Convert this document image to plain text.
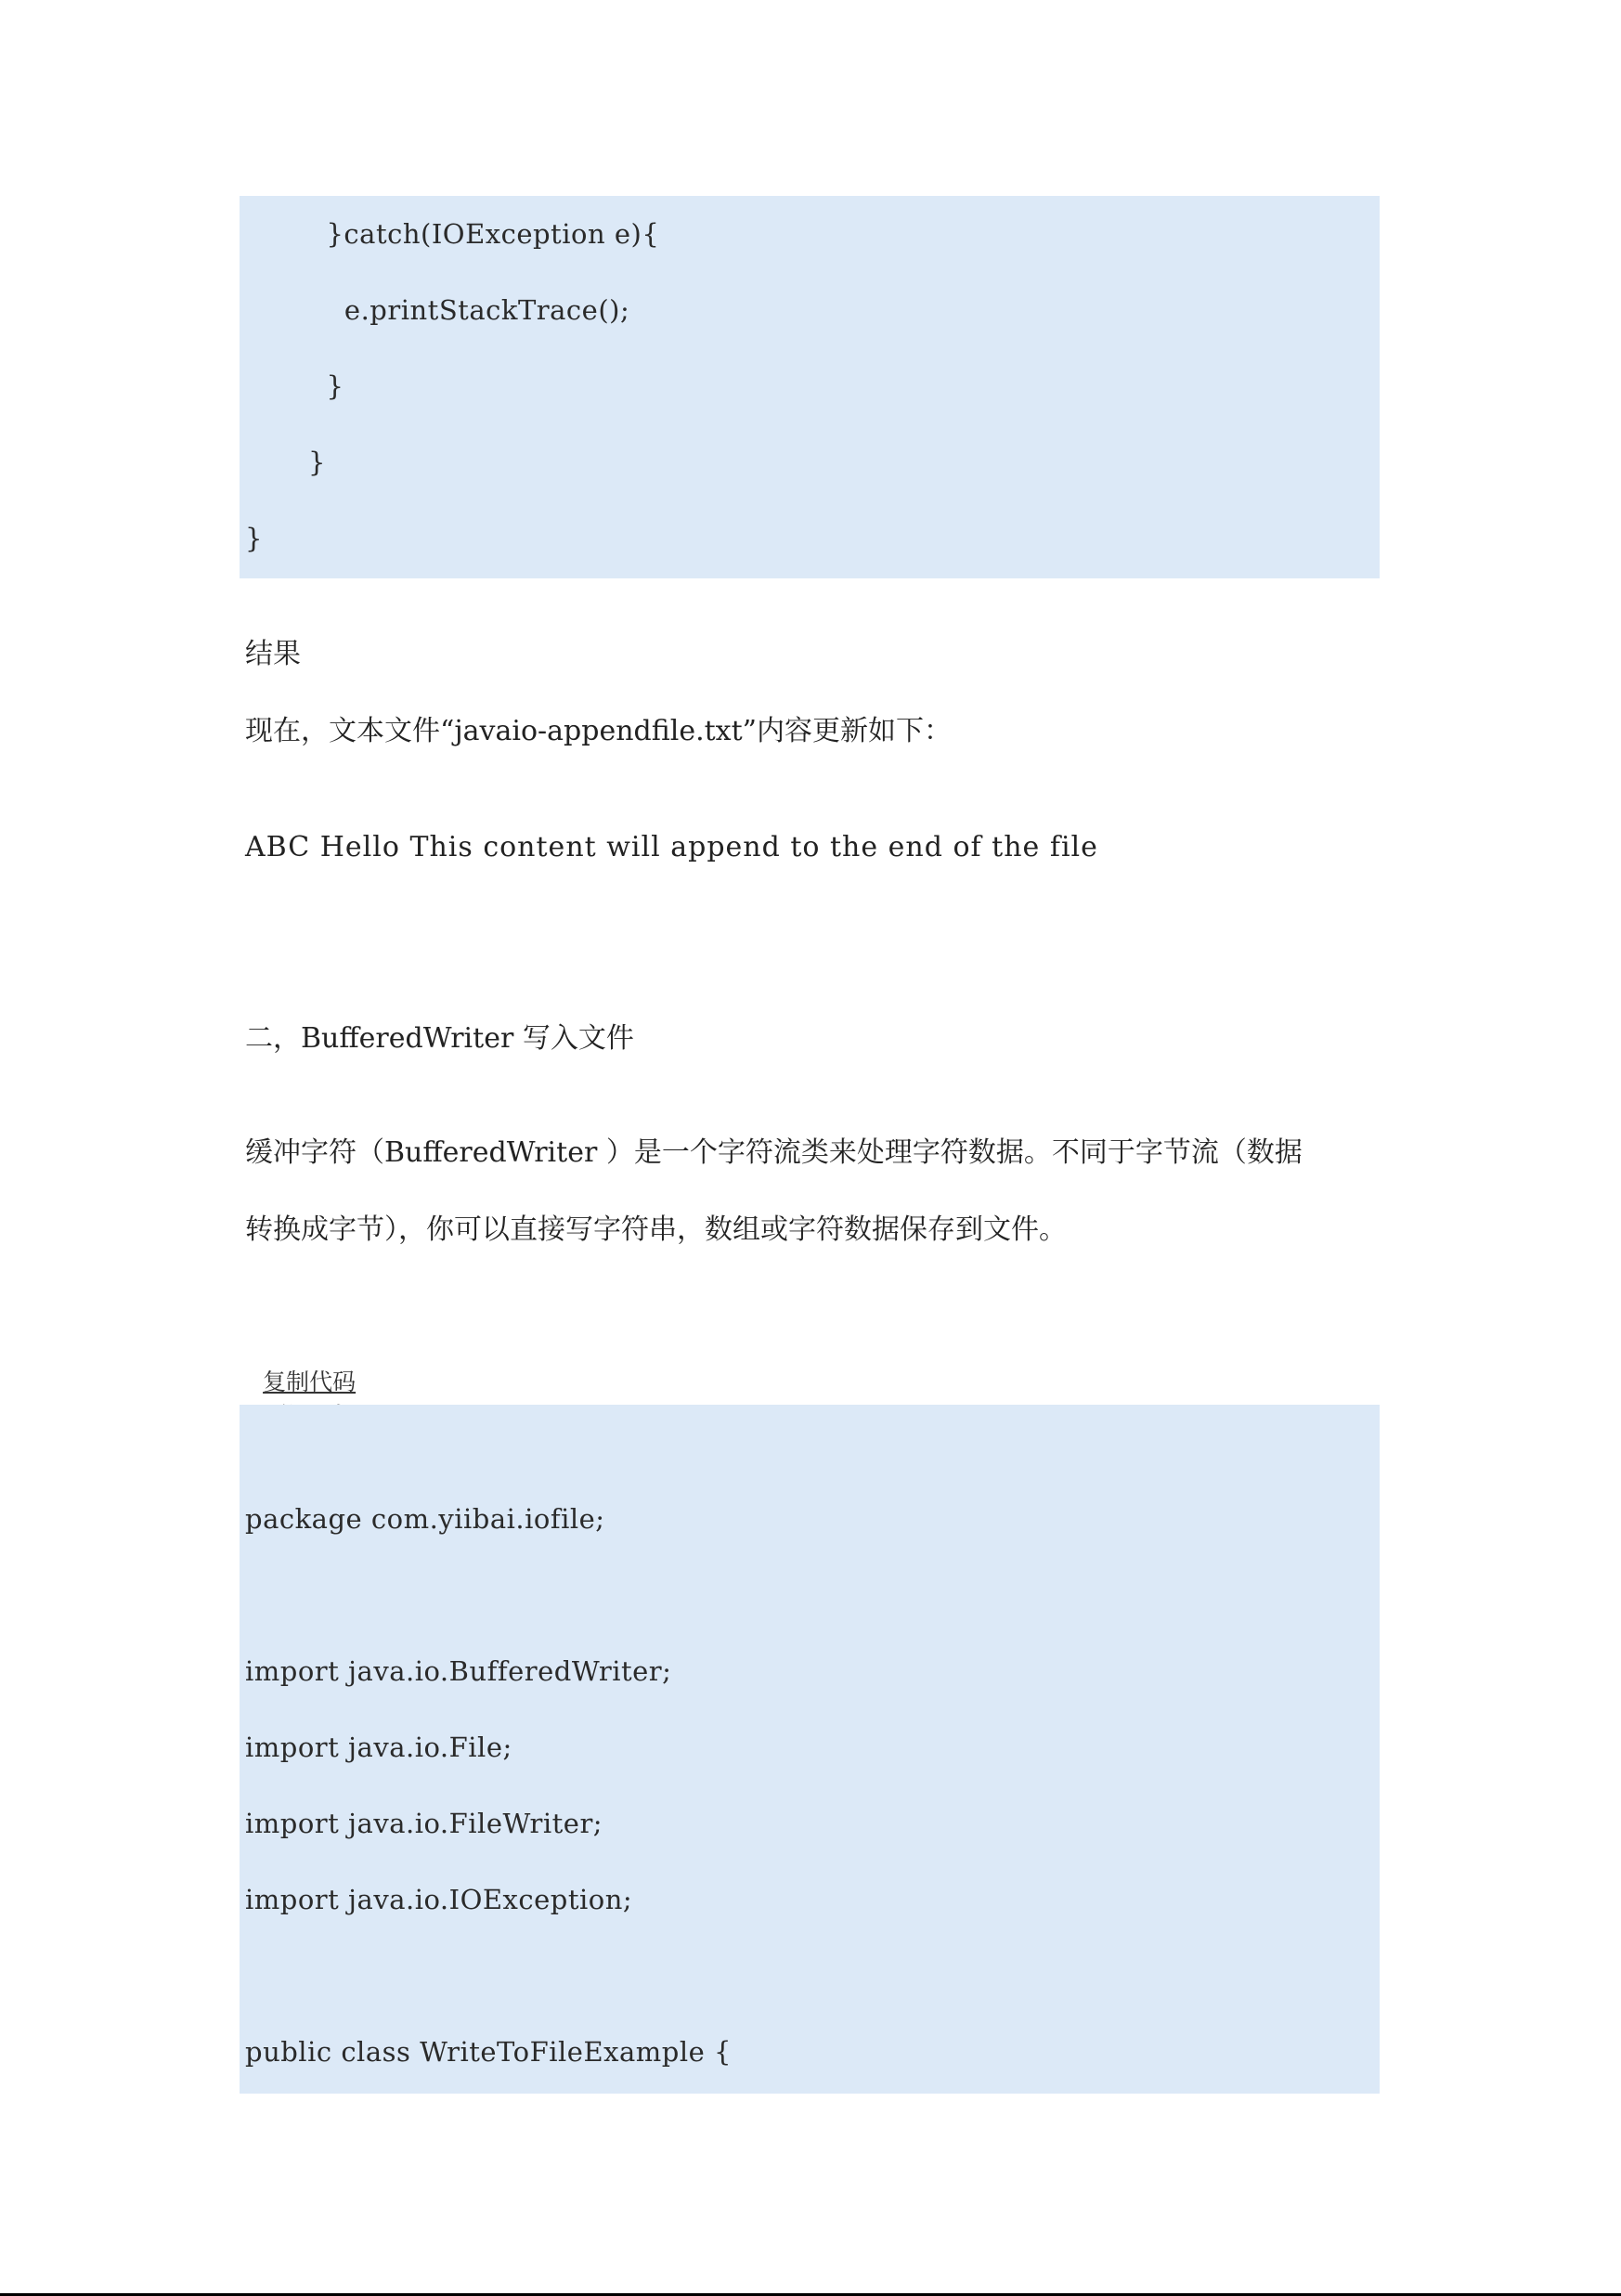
}catch(IOException e){
e.printStackTrace();
}
}
}
结果
现在，文本文件“javaio-appendfile.txt”内容更新如下：
ABC Hello This content will append to the end of the file
二，BufferedWriter 写入文件
缓冲字符（BufferedWriter ）是一个字符流类来处理字符数据。不同于字节流（数据
转换成字节），你可以直接写字符串，数组或字符数据保存到文件。

复制代码

package com.yiibai.iofile;
import java.io.BufferedWriter;
import java.io.File;
import java.io.FileWriter;
import java.io.IOException;
public class WriteToFileExample {
